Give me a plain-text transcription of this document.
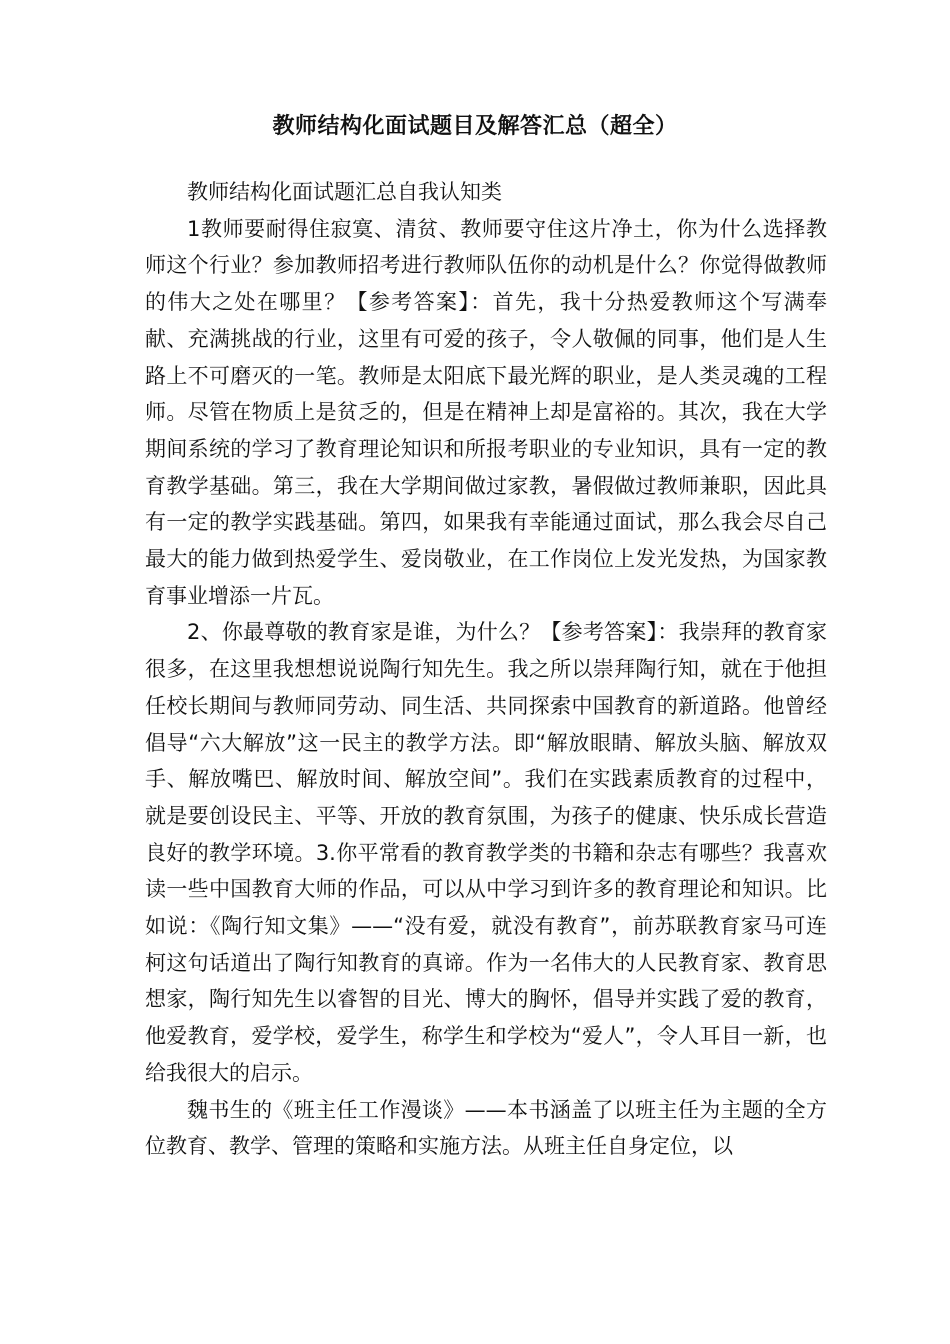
教师结构化面试题目及解答汇总（超全）

教师结构化面试题汇总自我认知类

1教师要耐得住寂寞、清贫、教师要守住这片净土，你为什么选择教师这个行业？参加教师招考进行教师队伍你的动机是什么？你觉得做教师的伟大之处在哪里？【参考答案】：首先，我十分热爱教师这个写满奉献、充满挑战的行业，这里有可爱的孩子，令人敬佩的同事，他们是人生路上不可磨灭的一笔。教师是太阳底下最光辉的职业，是人类灵魂的工程师。尽管在物质上是贫乏的，但是在精神上却是富裕的。其次，我在大学期间系统的学习了教育理论知识和所报考职业的专业知识，具有一定的教育教学基础。第三，我在大学期间做过家教，暑假做过教师兼职，因此具有一定的教学实践基础。第四，如果我有幸能通过面试，那么我会尽自己最大的能力做到热爱学生、爱岗敬业，在工作岗位上发光发热，为国家教育事业增添一片瓦。

2、你最尊敬的教育家是谁，为什么？【参考答案】：我崇拜的教育家很多，在这里我想想说说陶行知先生。我之所以崇拜陶行知，就在于他担任校长期间与教师同劳动、同生活、共同探索中国教育的新道路。他曾经倡导“六大解放”这一民主的教学方法。即“解放眼睛、解放头脑、解放双手、解放嘴巴、解放时间、解放空间”。我们在实践素质教育的过程中，就是要创设民主、平等、开放的教育氛围，为孩子的健康、快乐成长营造良好的教学环境。3.你平常看的教育教学类的书籍和杂志有哪些？我喜欢读一些中国教育大师的作品，可以从中学习到许多的教育理论和知识。比如说：《陶行知文集》——“没有爱，就没有教育”，前苏联教育家马可连柯这句话道出了陶行知教育的真谛。作为一名伟大的人民教育家、教育思想家，陶行知先生以睿智的目光、博大的胸怀，倡导并实践了爱的教育，他爱教育，爱学校，爱学生，称学生和学校为“爱人”，令人耳目一新，也给我很大的启示。

魏书生的《班主任工作漫谈》——本书涵盖了以班主任为主题的全方位教育、教学、管理的策略和实施方法。从班主任自身定位，以
